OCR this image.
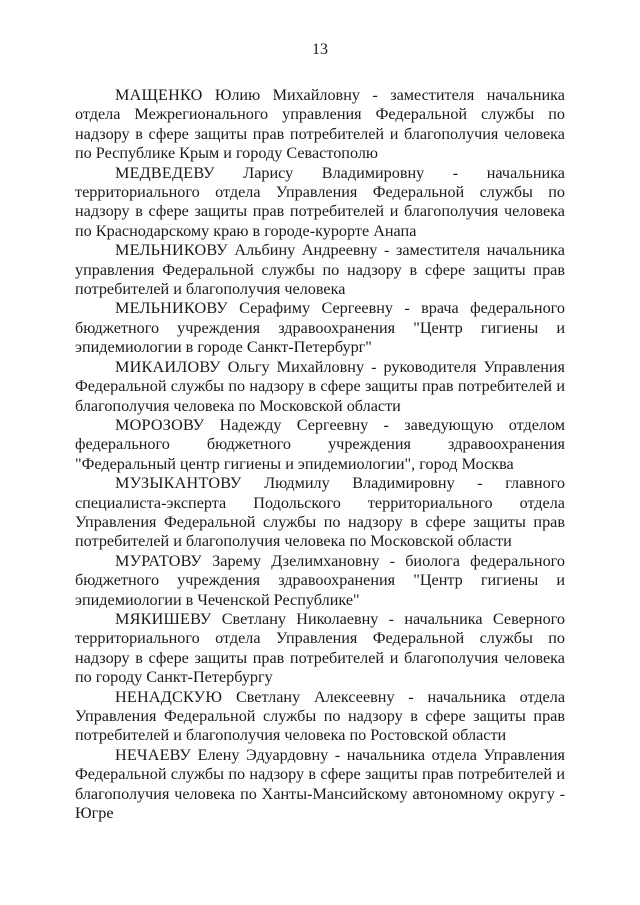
13

МАЩЕНКО Юлию Михайловну - заместителя начальника отдела Межрегионального управления Федеральной службы по надзору в сфере защиты прав потребителей и благополучия человека по Республике Крым и городу Севастополю

МЕДВЕДЕВУ Ларису Владимировну - начальника территориального отдела Управления Федеральной службы по надзору в сфере защиты прав потребителей и благополучия человека по Краснодарскому краю в городе-курорте Анапа

МЕЛЬНИКОВУ Альбину Андреевну - заместителя начальника управления Федеральной службы по надзору в сфере защиты прав потребителей и благополучия человека

МЕЛЬНИКОВУ Серафиму Сергеевну - врача федерального бюджетного учреждения здравоохранения "Центр гигиены и эпидемиологии в городе Санкт-Петербург"

МИКАИЛОВУ Ольгу Михайловну - руководителя Управления Федеральной службы по надзору в сфере защиты прав потребителей и благополучия человека по Московской области

МОРОЗОВУ Надежду Сергеевну - заведующую отделом федерального бюджетного учреждения здравоохранения "Федеральный центр гигиены и эпидемиологии", город Москва

МУЗЫКАНТОВУ Людмилу Владимировну - главного специалиста-эксперта Подольского территориального отдела Управления Федеральной службы по надзору в сфере защиты прав потребителей и благополучия человека по Московской области

МУРАТОВУ Зарему Дзелимхановну - биолога федерального бюджетного учреждения здравоохранения "Центр гигиены и эпидемиологии в Чеченской Республике"

МЯКИШЕВУ Светлану Николаевну - начальника Северного территориального отдела Управления Федеральной службы по надзору в сфере защиты прав потребителей и благополучия человека по городу Санкт-Петербургу

НЕНАДСКУЮ Светлану Алексеевну - начальника отдела Управления Федеральной службы по надзору в сфере защиты прав потребителей и благополучия человека по Ростовской области

НЕЧАЕВУ Елену Эдуардовну - начальника отдела Управления Федеральной службы по надзору в сфере защиты прав потребителей и благополучия человека по Ханты-Мансийскому автономному округу - Югре
